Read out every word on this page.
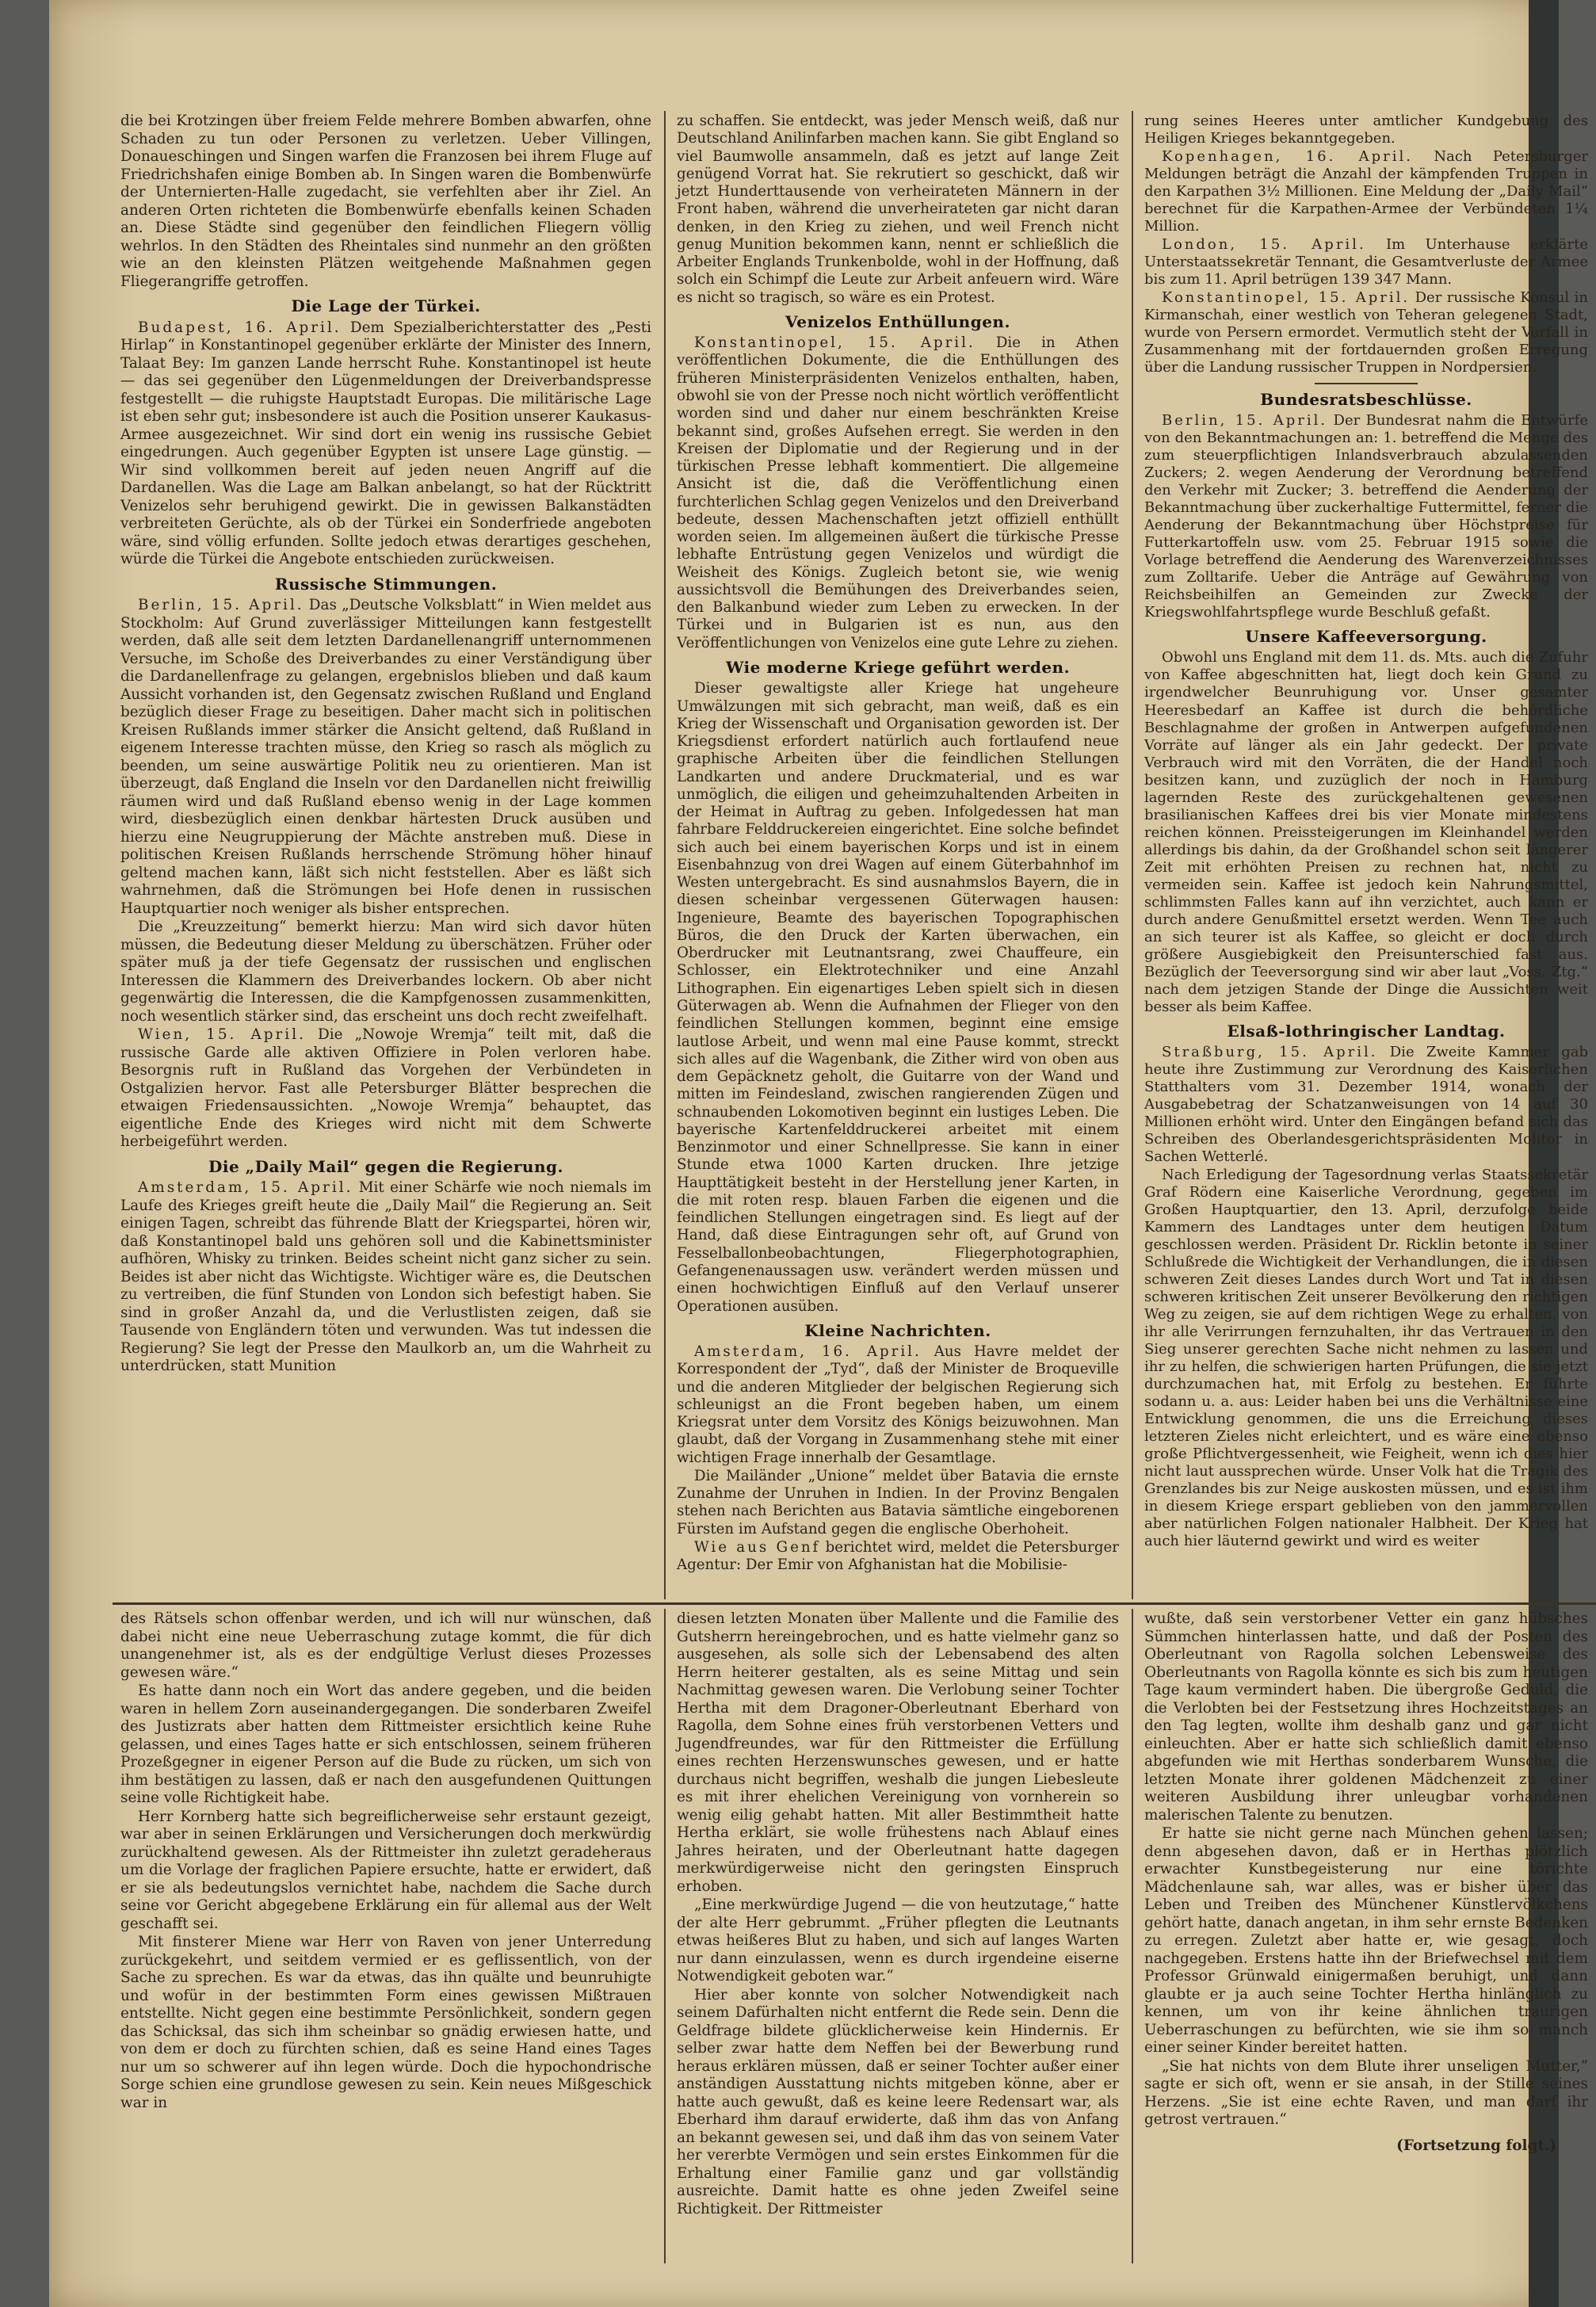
die bei Krotzingen über freiem Felde mehrere Bomben abwarfen, ohne Schaden zu tun oder Personen zu verletzen. Ueber Villingen, Donaueschingen und Singen warfen die Franzosen bei ihrem Fluge auf Friedrichshafen einige Bomben ab. In Singen waren die Bombenwürfe der Unternierten-Halle zugedacht, sie verfehlten aber ihr Ziel. An anderen Orten richteten die Bombenwürfe ebenfalls keinen Schaden an. Diese Städte sind gegenüber den feindlichen Fliegern völlig wehrlos. In den Städten des Rheintales sind nunmehr an den größten wie an den kleinsten Plätzen weitgehende Maßnahmen gegen Fliegerangriffe getroffen.

Die Lage der Türkei.

Budapest, 16. April. Dem Spezialberichterstatter des „Pesti Hirlap“ in Konstantinopel gegenüber erklärte der Minister des Innern, Talaat Bey: Im ganzen Lande herrscht Ruhe. Konstantinopel ist heute — das sei gegenüber den Lügenmeldungen der Dreiverbandspresse festgestellt — die ruhigste Hauptstadt Europas. Die militärische Lage ist eben sehr gut; insbesondere ist auch die Position unserer Kaukasus-Armee ausgezeichnet. Wir sind dort ein wenig ins russische Gebiet eingedrungen. Auch gegenüber Egypten ist unsere Lage günstig. — Wir sind vollkommen bereit auf jeden neuen Angriff auf die Dardanellen. Was die Lage am Balkan anbelangt, so hat der Rücktritt Venizelos sehr beruhigend gewirkt. Die in gewissen Balkanstädten verbreiteten Gerüchte, als ob der Türkei ein Sonderfriede angeboten wäre, sind völlig erfunden. Sollte jedoch etwas derartiges geschehen, würde die Türkei die Angebote entschieden zurückweisen.

Russische Stimmungen.

Berlin, 15. April. Das „Deutsche Volksblatt“ in Wien meldet aus Stockholm: Auf Grund zuverlässiger Mitteilungen kann festgestellt werden, daß alle seit dem letzten Dardanellenangriff unternommenen Versuche, im Schoße des Dreiverbandes zu einer Verständigung über die Dardanellenfrage zu gelangen, ergebnislos blieben und daß kaum Aussicht vorhanden ist, den Gegensatz zwischen Rußland und England bezüglich dieser Frage zu beseitigen. Daher macht sich in politischen Kreisen Rußlands immer stärker die Ansicht geltend, daß Rußland in eigenem Interesse trachten müsse, den Krieg so rasch als möglich zu beenden, um seine auswärtige Politik neu zu orientieren. Man ist überzeugt, daß England die Inseln vor den Dardanellen nicht freiwillig räumen wird und daß Rußland ebenso wenig in der Lage kommen wird, diesbezüglich einen denkbar härtesten Druck ausüben und hierzu eine Neugruppierung der Mächte anstreben muß. Diese in politischen Kreisen Rußlands herrschende Strömung höher hinauf geltend machen kann, läßt sich nicht feststellen. Aber es läßt sich wahrnehmen, daß die Strömungen bei Hofe denen in russischen Hauptquartier noch weniger als bisher entsprechen.

Die „Kreuzzeitung“ bemerkt hierzu: Man wird sich davor hüten müssen, die Bedeutung dieser Meldung zu überschätzen. Früher oder später muß ja der tiefe Gegensatz der russischen und englischen Interessen die Klammern des Dreiverbandes lockern. Ob aber nicht gegenwärtig die Interessen, die die Kampfgenossen zusammenkitten, noch wesentlich stärker sind, das erscheint uns doch recht zweifelhaft.

Wien, 15. April. Die „Nowoje Wremja“ teilt mit, daß die russische Garde alle aktiven Offiziere in Polen verloren habe. Besorgnis ruft in Rußland das Vorgehen der Verbündeten in Ostgalizien hervor. Fast alle Petersburger Blätter besprechen die etwaigen Friedensaussichten. „Nowoje Wremja“ behauptet, das eigentliche Ende des Krieges wird nicht mit dem Schwerte herbeigeführt werden.

Die „Daily Mail“ gegen die Regierung.

Amsterdam, 15. April. Mit einer Schärfe wie noch niemals im Laufe des Krieges greift heute die „Daily Mail“ die Regierung an. Seit einigen Tagen, schreibt das führende Blatt der Kriegspartei, hören wir, daß Konstantinopel bald uns gehören soll und die Kabinettsminister aufhören, Whisky zu trinken. Beides scheint nicht ganz sicher zu sein. Beides ist aber nicht das Wichtigste. Wichtiger wäre es, die Deutschen zu vertreiben, die fünf Stunden von London sich befestigt haben. Sie sind in großer Anzahl da, und die Verlustlisten zeigen, daß sie Tausende von Engländern töten und verwunden. Was tut indessen die Regierung? Sie legt der Presse den Maulkorb an, um die Wahrheit zu unterdrücken, statt Munition

zu schaffen. Sie entdeckt, was jeder Mensch weiß, daß nur Deutschland Anilinfarben machen kann. Sie gibt England so viel Baumwolle ansammeln, daß es jetzt auf lange Zeit genügend Vorrat hat. Sie rekrutiert so geschickt, daß wir jetzt Hunderttausende von verheirateten Männern in der Front haben, während die unverheirateten gar nicht daran denken, in den Krieg zu ziehen, und weil French nicht genug Munition bekommen kann, nennt er schließlich die Arbeiter Englands Trunkenbolde, wohl in der Hoffnung, daß solch ein Schimpf die Leute zur Arbeit anfeuern wird. Wäre es nicht so tragisch, so wäre es ein Protest.

Venizelos Enthüllungen.

Konstantinopel, 15. April. Die in Athen veröffentlichen Dokumente, die die Enthüllungen des früheren Ministerpräsidenten Venizelos enthalten, haben, obwohl sie von der Presse noch nicht wörtlich veröffentlicht worden sind und daher nur einem beschränkten Kreise bekannt sind, großes Aufsehen erregt. Sie werden in den Kreisen der Diplomatie und der Regierung und in der türkischen Presse lebhaft kommentiert. Die allgemeine Ansicht ist die, daß die Veröffentlichung einen furchterlichen Schlag gegen Venizelos und den Dreiverband bedeute, dessen Machenschaften jetzt offiziell enthüllt worden seien. Im allgemeinen äußert die türkische Presse lebhafte Entrüstung gegen Venizelos und würdigt die Weisheit des Königs. Zugleich betont sie, wie wenig aussichtsvoll die Bemühungen des Dreiverbandes seien, den Balkanbund wieder zum Leben zu erwecken. In der Türkei und in Bulgarien ist es nun, aus den Veröffentlichungen von Venizelos eine gute Lehre zu ziehen.

Wie moderne Kriege geführt werden.

Dieser gewaltigste aller Kriege hat ungeheure Umwälzungen mit sich gebracht, man weiß, daß es ein Krieg der Wissenschaft und Organisation geworden ist. Der Kriegsdienst erfordert natürlich auch fortlaufend neue graphische Arbeiten über die feindlichen Stellungen Landkarten und andere Druckmaterial, und es war unmöglich, die eiligen und geheimzuhaltenden Arbeiten in der Heimat in Auftrag zu geben. Infolgedessen hat man fahrbare Felddruckereien eingerichtet. Eine solche befindet sich auch bei einem bayerischen Korps und ist in einem Eisenbahnzug von drei Wagen auf einem Güterbahnhof im Westen untergebracht. Es sind ausnahmslos Bayern, die in diesen scheinbar vergessenen Güterwagen hausen: Ingenieure, Beamte des bayerischen Topographischen Büros, die den Druck der Karten überwachen, ein Oberdrucker mit Leutnantsrang, zwei Chauffeure, ein Schlosser, ein Elektrotechniker und eine Anzahl Lithographen. Ein eigenartiges Leben spielt sich in diesen Güterwagen ab. Wenn die Aufnahmen der Flieger von den feindlichen Stellungen kommen, beginnt eine emsige lautlose Arbeit, und wenn mal eine Pause kommt, streckt sich alles auf die Wagenbank, die Zither wird von oben aus dem Gepäcknetz geholt, die Guitarre von der Wand und mitten im Feindesland, zwischen rangierenden Zügen und schnaubenden Lokomotiven beginnt ein lustiges Leben. Die bayerische Kartenfelddruckerei arbeitet mit einem Benzinmotor und einer Schnellpresse. Sie kann in einer Stunde etwa 1000 Karten drucken. Ihre jetzige Haupttätigkeit besteht in der Herstellung jener Karten, in die mit roten resp. blauen Farben die eigenen und die feindlichen Stellungen eingetragen sind. Es liegt auf der Hand, daß diese Eintragungen sehr oft, auf Grund von Fesselballonbeobachtungen, Fliegerphotographien, Gefangenenaussagen usw. verändert werden müssen und einen hochwichtigen Einfluß auf den Verlauf unserer Operationen ausüben.

Kleine Nachrichten.

Amsterdam, 16. April. Aus Havre meldet der Korrespondent der „Tyd“, daß der Minister de Broqueville und die anderen Mitglieder der belgischen Regierung sich schleunigst an die Front begeben haben, um einem Kriegsrat unter dem Vorsitz des Königs beizuwohnen. Man glaubt, daß der Vorgang in Zusammenhang stehe mit einer wichtigen Frage innerhalb der Gesamtlage.

Die Mailänder „Unione“ meldet über Batavia die ernste Zunahme der Unruhen in Indien. In der Provinz Bengalen stehen nach Berichten aus Batavia sämtliche eingeborenen Fürsten im Aufstand gegen die englische Oberhoheit.

Wie aus Genf berichtet wird, meldet die Petersburger Agentur: Der Emir von Afghanistan hat die Mobilisie-

rung seines Heeres unter amtlicher Kundgebung des Heiligen Krieges bekanntgegeben.

Kopenhagen, 16. April. Nach Petersburger Meldungen beträgt die Anzahl der kämpfenden Truppen in den Karpathen 3½ Millionen. Eine Meldung der „Daily Mail“ berechnet für die Karpathen-Armee der Verbündeten 1¼ Million.

London, 15. April. Im Unterhause erklärte Unterstaatssekretär Tennant, die Gesamtverluste der Armee bis zum 11. April betrügen 139 347 Mann.

Konstantinopel, 15. April. Der russische Konsul in Kirmanschah, einer westlich von Teheran gelegenen Stadt, wurde von Persern ermordet. Vermutlich steht der Vorfall in Zusammenhang mit der fortdauernden großen Erregung über die Landung russischer Truppen in Nordpersien.

Bundesratsbeschlüsse.

Berlin, 15. April. Der Bundesrat nahm die Entwürfe von den Bekanntmachungen an: 1. betreffend die Menge des zum steuerpflichtigen Inlandsverbrauch abzulassenden Zuckers; 2. wegen Aenderung der Verordnung betreffend den Verkehr mit Zucker; 3. betreffend die Aenderung der Bekanntmachung über zuckerhaltige Futtermittel, ferner die Aenderung der Bekanntmachung über Höchstpreise für Futterkartoffeln usw. vom 25. Februar 1915 sowie die Vorlage betreffend die Aenderung des Warenverzeichnisses zum Zolltarife. Ueber die Anträge auf Gewährung von Reichsbeihilfen an Gemeinden zur Zwecke der Kriegswohlfahrtspflege wurde Beschluß gefaßt.

Unsere Kaffeeversorgung.

Obwohl uns England mit dem 11. ds. Mts. auch die Zufuhr von Kaffee abgeschnitten hat, liegt doch kein Grund zu irgendwelcher Beunruhigung vor. Unser gesamter Heeresbedarf an Kaffee ist durch die behördliche Beschlagnahme der großen in Antwerpen aufgefundenen Vorräte auf länger als ein Jahr gedeckt. Der private Verbrauch wird mit den Vorräten, die der Handel noch besitzen kann, und zuzüglich der noch in Hamburg lagernden Reste des zurückgehaltenen gewesenen brasilianischen Kaffees drei bis vier Monate mindestens reichen können. Preissteigerungen im Kleinhandel werden allerdings bis dahin, da der Großhandel schon seit längerer Zeit mit erhöhten Preisen zu rechnen hat, nicht zu vermeiden sein. Kaffee ist jedoch kein Nahrungsmittel, schlimmsten Falles kann auf ihn verzichtet, auch kann er durch andere Genußmittel ersetzt werden. Wenn Tee auch an sich teurer ist als Kaffee, so gleicht er doch durch größere Ausgiebigkeit den Preisunterschied fast aus. Bezüglich der Teeversorgung sind wir aber laut „Voss. Ztg.“ nach dem jetzigen Stande der Dinge die Aussichten weit besser als beim Kaffee.

Elsaß-lothringischer Landtag.

Straßburg, 15. April. Die Zweite Kammer gab heute ihre Zustimmung zur Verordnung des Kaiserlichen Statthalters vom 31. Dezember 1914, wonach der Ausgabebetrag der Schatzanweisungen von 14 auf 30 Millionen erhöht wird. Unter den Eingängen befand sich das Schreiben des Oberlandesgerichtspräsidenten Molitor in Sachen Wetterlé.

Nach Erledigung der Tagesordnung verlas Staatssekretär Graf Rödern eine Kaiserliche Verordnung, gegeben im Großen Hauptquartier, den 13. April, derzufolge beide Kammern des Landtages unter dem heutigen Datum geschlossen werden. Präsident Dr. Ricklin betonte in seiner Schlußrede die Wichtigkeit der Verhandlungen, die in diesen schweren Zeit dieses Landes durch Wort und Tat in diesen schweren kritischen Zeit unserer Bevölkerung den richtigen Weg zu zeigen, sie auf dem richtigen Wege zu erhalten, von ihr alle Verirrungen fernzuhalten, ihr das Vertrauen in den Sieg unserer gerechten Sache nicht nehmen zu lassen und ihr zu helfen, die schwierigen harten Prüfungen, die sie jetzt durchzumachen hat, mit Erfolg zu bestehen. Er führte sodann u. a. aus: Leider haben bei uns die Verhältnisse eine Entwicklung genommen, die uns die Erreichung dieses letzteren Zieles nicht erleichtert, und es wäre eine ebenso große Pflichtvergessenheit, wie Feigheit, wenn ich dies hier nicht laut aussprechen würde. Unser Volk hat die Tragik des Grenzlandes bis zur Neige auskosten müssen, und es ist ihm in diesem Kriege erspart geblieben von den jammervollen aber natürlichen Folgen nationaler Halbheit. Der Krieg hat auch hier läuternd gewirkt und wird es weiter

des Rätsels schon offenbar werden, und ich will nur wünschen, daß dabei nicht eine neue Ueberraschung zutage kommt, die für dich unangenehmer ist, als es der endgültige Verlust dieses Prozesses gewesen wäre.“

Es hatte dann noch ein Wort das andere gegeben, und die beiden waren in hellem Zorn auseinandergegangen. Die sonderbaren Zweifel des Justizrats aber hatten dem Rittmeister ersichtlich keine Ruhe gelassen, und eines Tages hatte er sich entschlossen, seinem früheren Prozeßgegner in eigener Person auf die Bude zu rücken, um sich von ihm bestätigen zu lassen, daß er nach den ausgefundenen Quittungen seine volle Richtigkeit habe.

Herr Kornberg hatte sich begreiflicherweise sehr erstaunt gezeigt, war aber in seinen Erklärungen und Versicherungen doch merkwürdig zurückhaltend gewesen. Als der Rittmeister ihn zuletzt geradeheraus um die Vorlage der fraglichen Papiere ersuchte, hatte er erwidert, daß er sie als bedeutungslos vernichtet habe, nachdem die Sache durch seine vor Gericht abgegebene Erklärung ein für allemal aus der Welt geschafft sei.

Mit finsterer Miene war Herr von Raven von jener Unterredung zurückgekehrt, und seitdem vermied er es geflissentlich, von der Sache zu sprechen. Es war da etwas, das ihn quälte und beunruhigte und wofür in der bestimmten Form eines gewissen Mißtrauen entstellte. Nicht gegen eine bestimmte Persönlichkeit, sondern gegen das Schicksal, das sich ihm scheinbar so gnädig erwiesen hatte, und von dem er doch zu fürchten schien, daß es seine Hand eines Tages nur um so schwerer auf ihn legen würde. Doch die hypochondrische Sorge schien eine grundlose gewesen zu sein. Kein neues Mißgeschick war in

diesen letzten Monaten über Mallente und die Familie des Gutsherrn hereingebrochen, und es hatte vielmehr ganz so ausgesehen, als solle sich der Lebensabend des alten Herrn heiterer gestalten, als es seine Mittag und sein Nachmittag gewesen waren. Die Verlobung seiner Tochter Hertha mit dem Dragoner-Oberleutnant Eberhard von Ragolla, dem Sohne eines früh verstorbenen Vetters und Jugendfreundes, war für den Rittmeister die Erfüllung eines rechten Herzenswunsches gewesen, und er hatte durchaus nicht begriffen, weshalb die jungen Liebesleute es mit ihrer ehelichen Vereinigung von vornherein so wenig eilig gehabt hatten. Mit aller Bestimmtheit hatte Hertha erklärt, sie wolle frühestens nach Ablauf eines Jahres heiraten, und der Oberleutnant hatte dagegen merkwürdigerweise nicht den geringsten Einspruch erhoben.

„Eine merkwürdige Jugend — die von heutzutage,“ hatte der alte Herr gebrummt. „Früher pflegten die Leutnants etwas heißeres Blut zu haben, und sich auf langes Warten nur dann einzulassen, wenn es durch irgendeine eiserne Notwendigkeit geboten war.“

Hier aber konnte von solcher Notwendigkeit nach seinem Dafürhalten nicht entfernt die Rede sein. Denn die Geldfrage bildete glücklicherweise kein Hindernis. Er selber zwar hatte dem Neffen bei der Bewerbung rund heraus erklären müssen, daß er seiner Tochter außer einer anständigen Ausstattung nichts mitgeben könne, aber er hatte auch gewußt, daß es keine leere Redensart war, als Eberhard ihm darauf erwiderte, daß ihm das von Anfang an bekannt gewesen sei, und daß ihm das von seinem Vater her vererbte Vermögen und sein erstes Einkommen für die Erhaltung einer Familie ganz und gar vollständig ausreichte. Damit hatte es ohne jeden Zweifel seine Richtigkeit. Der Rittmeister

wußte, daß sein verstorbener Vetter ein ganz hübsches Sümmchen hinterlassen hatte, und daß der Posten des Oberleutnant von Ragolla solchen Lebensweise des Oberleutnants von Ragolla könnte es sich bis zum heutigen Tage kaum vermindert haben. Die übergroße Geduld, die die Verlobten bei der Festsetzung ihres Hochzeitstages an den Tag legten, wollte ihm deshalb ganz und gar nicht einleuchten. Aber er hatte sich schließlich damit ebenso abgefunden wie mit Herthas sonderbarem Wunsche, die letzten Monate ihrer goldenen Mädchenzeit zu einer weiteren Ausbildung ihrer unleugbar vorhandenen malerischen Talente zu benutzen.

Er hatte sie nicht gerne nach München gehen lassen; denn abgesehen davon, daß er in Herthas plötzlich erwachter Kunstbegeisterung nur eine törichte Mädchenlaune sah, war alles, was er bisher über das Leben und Treiben des Münchener Künstlervölkchens gehört hatte, danach angetan, in ihm sehr ernste Bedenken zu erregen. Zuletzt aber hatte er, wie gesagt, doch nachgegeben. Erstens hatte ihn der Briefwechsel mit dem Professor Grünwald einigermaßen beruhigt, und dann glaubte er ja auch seine Tochter Hertha hinlänglich zu kennen, um von ihr keine ähnlichen traurigen Ueberraschungen zu befürchten, wie sie ihm so manch einer seiner Kinder bereitet hatten.

„Sie hat nichts von dem Blute ihrer unseligen Mutter,“ sagte er sich oft, wenn er sie ansah, in der Stille seines Herzens. „Sie ist eine echte Raven, und man darf ihr getrost vertrauen.“

(Fortsetzung folgt.)
